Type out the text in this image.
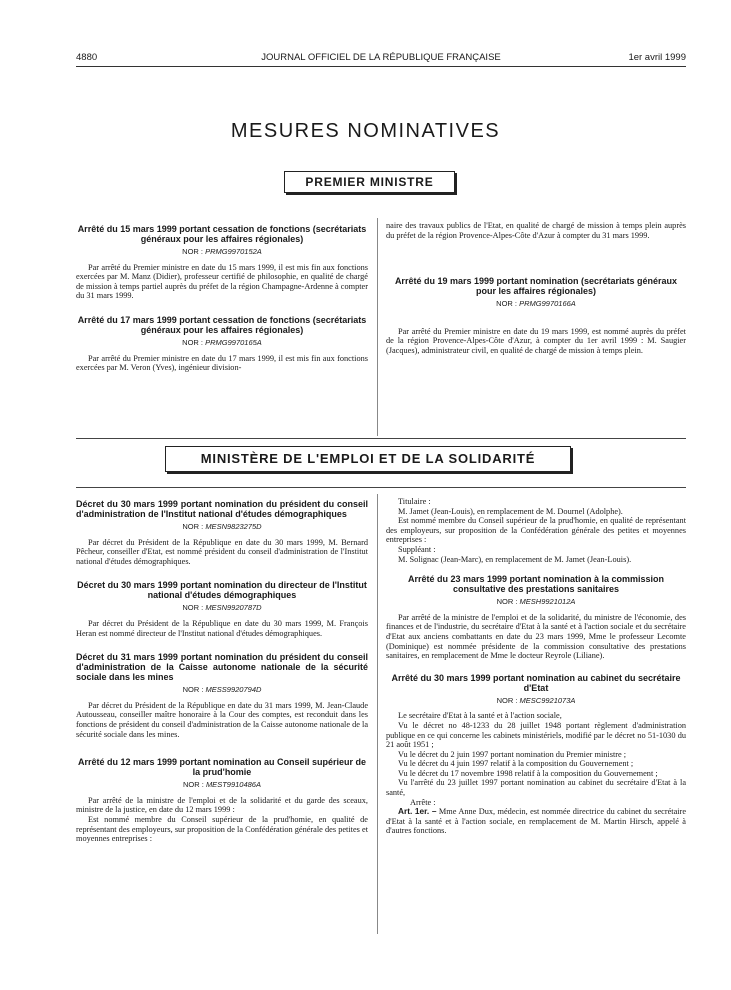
4880	JOURNAL OFFICIEL DE LA RÉPUBLIQUE FRANÇAISE	1er avril 1999
MESURES NOMINATIVES
PREMIER MINISTRE

Arrêté du 15 mars 1999 portant cessation de fonctions (secrétariats généraux pour les affaires régionales)

NOR : PRMG9970152A

Par arrêté du Premier ministre en date du 15 mars 1999, il est mis fin aux fonctions exercées par M. Manz (Didier), professeur certifié de philosophie, en qualité de chargé de mission à temps partiel auprès du préfet de la région Champagne-Ardenne à compter du 31 mars 1999.

Arrêté du 17 mars 1999 portant cessation de fonctions (secrétariats généraux pour les affaires régionales)

NOR : PRMG9970165A

Par arrêté du Premier ministre en date du 17 mars 1999, il est mis fin aux fonctions exercées par M. Veron (Yves), ingénieur division-

naire des travaux publics de l'Etat, en qualité de chargé de mission à temps plein auprès du préfet de la région Provence-Alpes-Côte d'Azur à compter du 31 mars 1999.

Arrêté du 19 mars 1999 portant nomination (secrétariats généraux pour les affaires régionales)

NOR : PRMG9970166A

Par arrêté du Premier ministre en date du 19 mars 1999, est nommé auprès du préfet de la région Provence-Alpes-Côte d'Azur, à compter du 1er avril 1999 : M. Saugier (Jacques), administrateur civil, en qualité de chargé de mission à temps plein.

MINISTÈRE DE L'EMPLOI ET DE LA SOLIDARITÉ

Décret du 30 mars 1999 portant nomination du président du conseil d'administration de l'Institut national d'études démographiques

NOR : MESN9823275D

Par décret du Président de la République en date du 30 mars 1999, M. Bernard Pêcheur, conseiller d'Etat, est nommé président du conseil d'administration de l'Institut national d'études démographiques.

Décret du 30 mars 1999 portant nomination du directeur de l'Institut national d'études démographiques

NOR : MESN9920787D

Par décret du Président de la République en date du 30 mars 1999, M. François Heran est nommé directeur de l'Institut national d'études démographiques.

Décret du 31 mars 1999 portant nomination du président du conseil d'administration de la Caisse autonome nationale de la sécurité sociale dans les mines

NOR : MESS9920794D

Par décret du Président de la République en date du 31 mars 1999, M. Jean-Claude Autousseau, conseiller maître honoraire à la Cour des comptes, est reconduit dans les fonctions de président du conseil d'administration de la Caisse autonome nationale de la sécurité sociale dans les mines.

Arrêté du 12 mars 1999 portant nomination au Conseil supérieur de la prud'homie

NOR : MEST9910486A

Par arrêté de la ministre de l'emploi et de la solidarité et du garde des sceaux, ministre de la justice, en date du 12 mars 1999 :

Est nommé membre du Conseil supérieur de la prud'homie, en qualité de représentant des employeurs, sur proposition de la Confédération générale des petites et moyennes entreprises :

Titulaire :

M. Jamet (Jean-Louis), en remplacement de M. Dournel (Adolphe).

Est nommé membre du Conseil supérieur de la prud'homie, en qualité de représentant des employeurs, sur proposition de la Confédération générale des petites et moyennes entreprises :

Suppléant :

M. Solignac (Jean-Marc), en remplacement de M. Jamet (Jean-Louis).

Arrêté du 23 mars 1999 portant nomination à la commission consultative des prestations sanitaires

NOR : MESH9921012A

Par arrêté de la ministre de l'emploi et de la solidarité, du ministre de l'économie, des finances et de l'industrie, du secrétaire d'Etat à la santé et à l'action sociale et du secrétaire d'Etat aux anciens combattants en date du 23 mars 1999, Mme le professeur Lecomte (Dominique) est nommée présidente de la commission consultative des prestations sanitaires, en remplacement de Mme le docteur Reyrole (Liliane).

Arrêté du 30 mars 1999 portant nomination au cabinet du secrétaire d'Etat

NOR : MESC9921073A

Le secrétaire d'Etat à la santé et à l'action sociale,

Vu le décret no 48-1233 du 28 juillet 1948 portant règlement d'administration publique en ce qui concerne les cabinets ministériels, modifié par le décret no 51-1030 du 21 août 1951 ;

Vu le décret du 2 juin 1997 portant nomination du Premier ministre ;

Vu le décret du 4 juin 1997 relatif à la composition du Gouvernement ;

Vu le décret du 17 novembre 1998 relatif à la composition du Gouvernement ;

Vu l'arrêté du 23 juillet 1997 portant nomination au cabinet du secrétaire d'Etat à la santé,

Arrête :

Art. 1er. – Mme Anne Dux, médecin, est nommée directrice du cabinet du secrétaire d'Etat à la santé et à l'action sociale, en remplacement de M. Martin Hirsch, appelé à d'autres fonctions.
